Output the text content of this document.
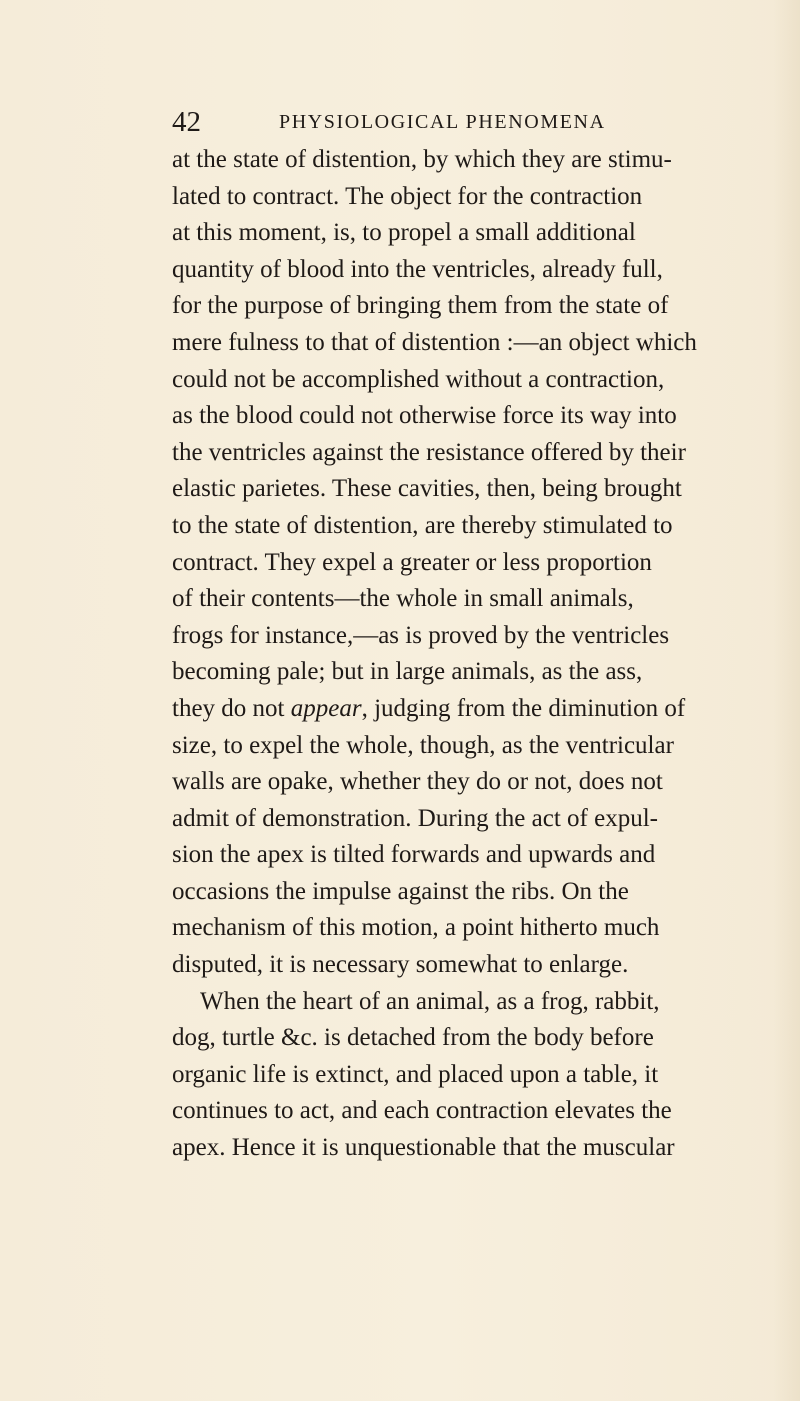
42	PHYSIOLOGICAL PHENOMENA
at the state of distention, by which they are stimu-
lated to contract. The object for the contraction
at this moment, is, to propel a small additional
quantity of blood into the ventricles, already full,
for the purpose of bringing them from the state of
mere fulness to that of distention :—an object which
could not be accomplished without a contraction,
as the blood could not otherwise force its way into
the ventricles against the resistance offered by their
elastic parietes. These cavities, then, being brought
to the state of distention, are thereby stimulated to
contract. They expel a greater or less proportion
of their contents—the whole in small animals,
frogs for instance,—as is proved by the ventricles
becoming pale; but in large animals, as the ass,
they do not appear, judging from the diminution of
size, to expel the whole, though, as the ventricular
walls are opake, whether they do or not, does not
admit of demonstration. During the act of expul-
sion the apex is tilted forwards and upwards and
occasions the impulse against the ribs. On the
mechanism of this motion, a point hitherto much
disputed, it is necessary somewhat to enlarge.
When the heart of an animal, as a frog, rabbit,
dog, turtle &c. is detached from the body before
organic life is extinct, and placed upon a table, it
continues to act, and each contraction elevates the
apex. Hence it is unquestionable that the muscular
